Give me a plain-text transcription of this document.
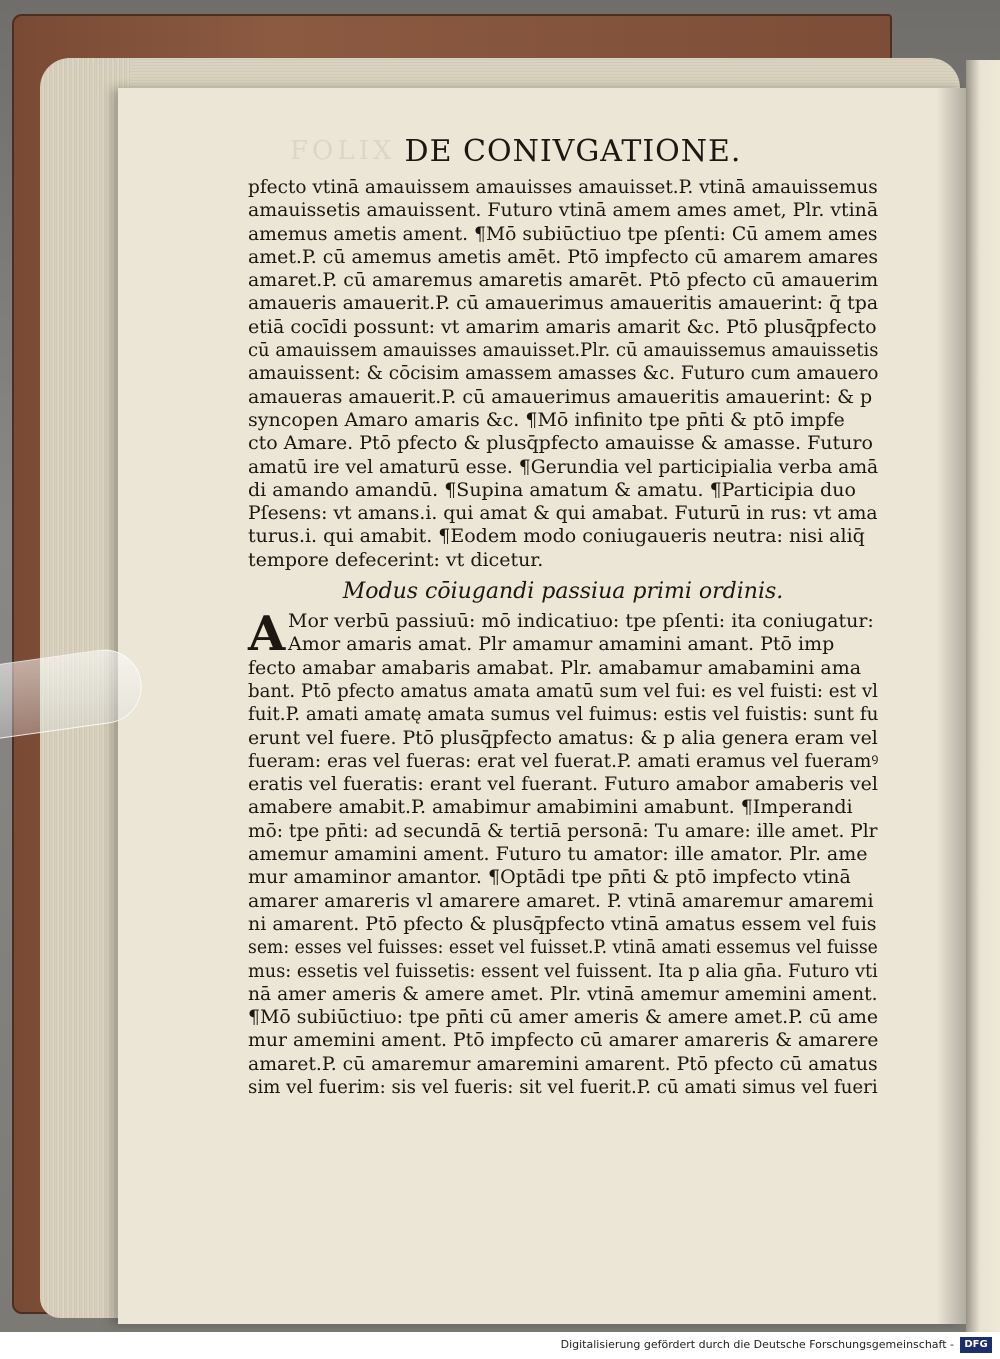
FOLIX DE CONIVGATIONE.
pfecto vtinā amauissem amauisses amauisset.P. vtinā amauissemus
amauissetis amauissent. Futuro vtinā amem ames amet, Plr. vtinā
amemus ametis ament. ¶Mō subiūctiuo tpe pſenti: Cū amem ames
amet.P. cū amemus ametis amēt. Ptō impfecto cū amarem amares
amaret.P. cū amaremus amaretis amarēt. Ptō pfecto cū amauerim
amaueris amauerit.P. cū amauerimus amaueritis amauerint: q̄ tpa
etiā cocīdi possunt: vt amarim amaris amarit &c. Ptō plusq̄pfecto
cū amauissem amauisses amauisset.Plr. cū amauissemus amauissetis
amauissent: & cōcisim amassem amasses &c. Futuro cum amauero
amaueras amauerit.P. cū amauerimus amaueritis amauerint: & p
syncopen Amaro amaris &c. ¶Mō infinito tpe pn̄ti & ptō impfe
cto Amare. Ptō pfecto & plusq̄pfecto amauisse & amasse. Futuro
amatū ire vel amaturū esse. ¶Gerundia vel participialia verba amā
di amando amandū. ¶Supina amatum & amatu. ¶Participia duo
Pſesens: vt amans.i. qui amat & qui amabat. Futurū in rus: vt ama
turus.i. qui amabit. ¶Eodem modo coniugaueris neutra: nisi aliq̄
tempore defecerint: vt dicetur.
Modus cōiugandi passiua primi ordinis.
Mor verbū passiuū: mō indicatiuo: tpe pſenti: ita coniugatur:
Amor amaris amat. Plr amamur amamini amant. Ptō imp
fecto amabar amabaris amabat. Plr. amabamur amabamini ama
bant. Ptō pfecto amatus amata amatū sum vel fui: es vel fuisti: est vl
fuit.P. amati amatę amata sumus vel fuimus: estis vel fuistis: sunt fu
erunt vel fuere. Ptō plusq̄pfecto amatus: & p alia genera eram vel
fueram: eras vel fueras: erat vel fuerat.P. amati eramus vel fueramꝰ
eratis vel fueratis: erant vel fuerant. Futuro amabor amaberis vel
amabere amabit.P. amabimur amabimini amabunt. ¶Imperandi
mō: tpe pn̄ti: ad secundā & tertiā personā: Tu amare: ille amet. Plr
amemur amamini ament. Futuro tu amator: ille amator. Plr. ame
mur amaminor amantor. ¶Optādi tpe pn̄ti & ptō impfecto vtinā
amarer amareris vl amarere amaret. P. vtinā amaremur amaremi
ni amarent. Ptō pfecto & plusq̄pfecto vtinā amatus essem vel fuis
sem: esses vel fuisses: esset vel fuisset.P. vtinā amati essemus vel fuisse
mus: essetis vel fuissetis: essent vel fuissent. Ita p alia gn̄a. Futuro vti
nā amer ameris & amere amet. Plr. vtinā amemur amemini ament.
¶Mō subiūctiuo: tpe pn̄ti cū amer ameris & amere amet.P. cū ame
mur amemini ament. Ptō impfecto cū amarer amareris & amarere
amaret.P. cū amaremur amaremini amarent. Ptō pfecto cū amatus
sim vel fuerim: sis vel fueris: sit vel fuerit.P. cū amati simus vel fueri
A
Digitalisierung gefördert durch die Deutsche Forschungsgemeinschaft -	DFG
